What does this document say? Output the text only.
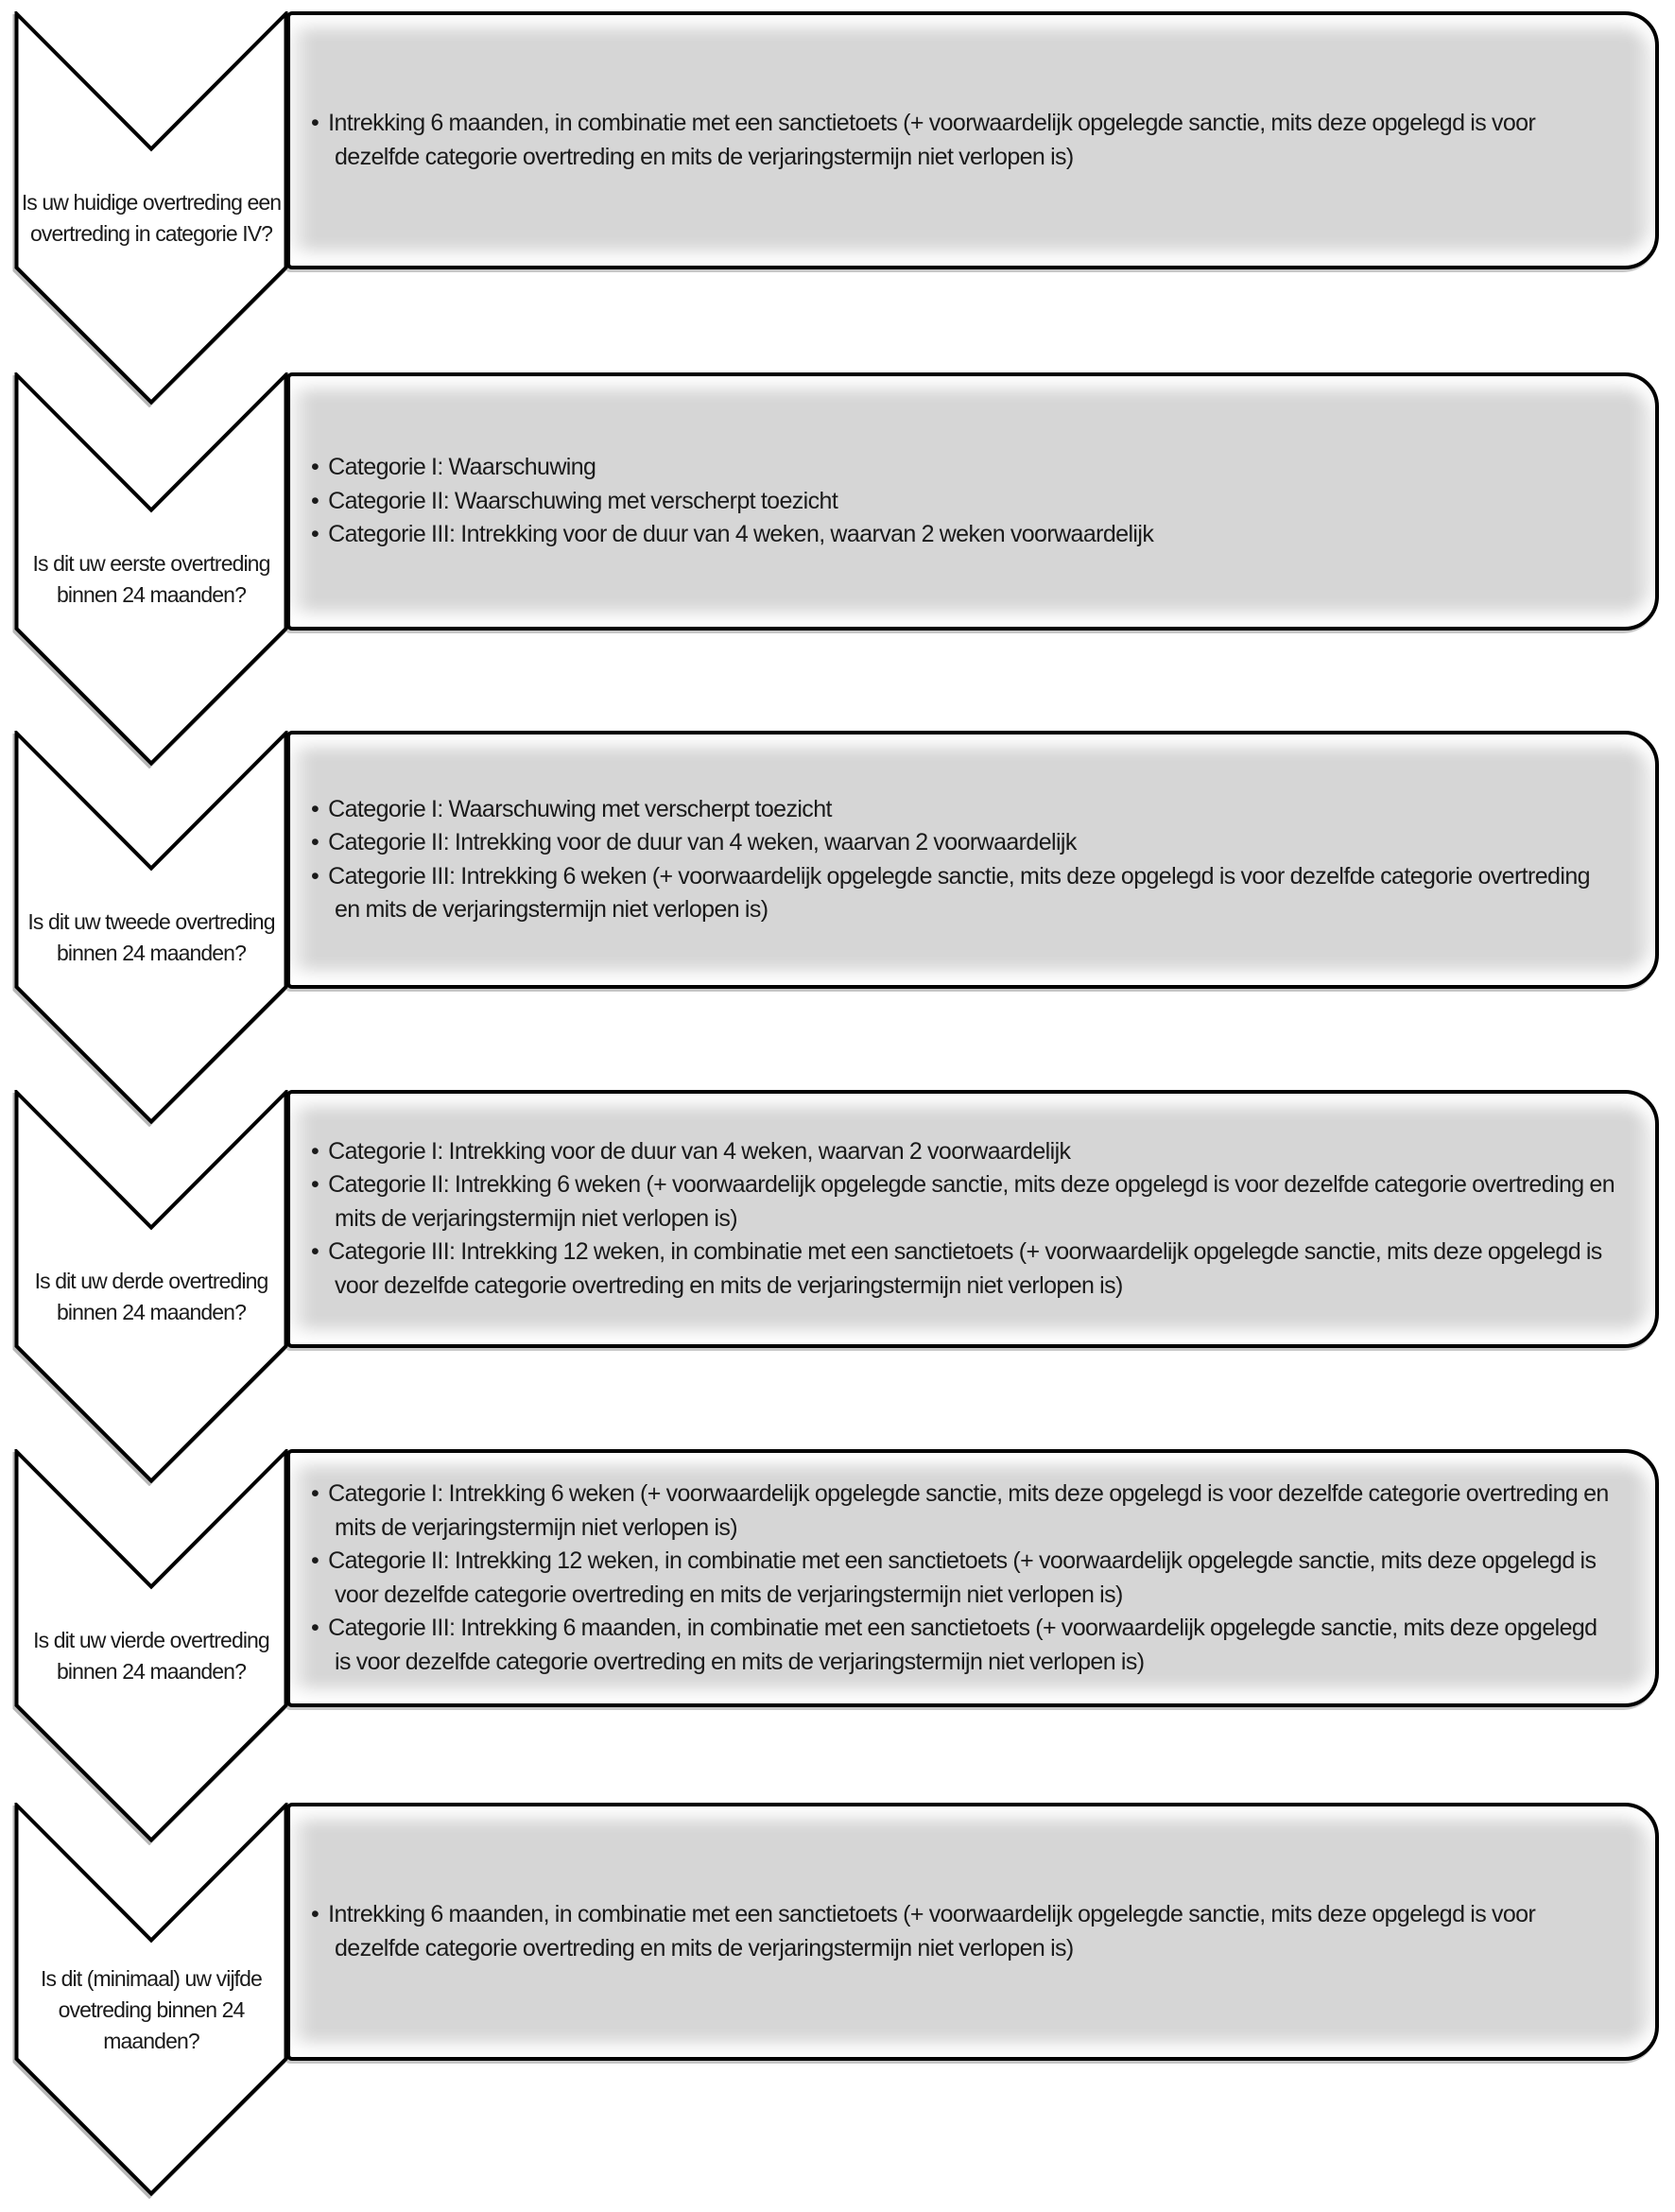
Is uw huidige overtreding een overtreding in categorie IV?
• Intrekking 6 maanden, in combinatie met een sanctietoets (+ voorwaardelijk opgelegde sanctie, mits deze opgelegd is voor dezelfde categorie overtreding en mits de verjaringstermijn niet verlopen is)
Is dit uw eerste overtreding binnen 24 maanden?
• Categorie I: Waarschuwing
• Categorie II: Waarschuwing met verscherpt toezicht
• Categorie III: Intrekking voor de duur van 4 weken, waarvan 2 weken voorwaardelijk
Is dit uw tweede overtreding binnen 24 maanden?
• Categorie I: Waarschuwing met verscherpt toezicht
• Categorie II: Intrekking voor de duur van 4 weken, waarvan 2 voorwaardelijk
• Categorie III: Intrekking 6 weken (+ voorwaardelijk opgelegde sanctie, mits deze opgelegd is voor dezelfde categorie overtreding en mits de verjaringstermijn niet verlopen is)
Is dit uw derde overtreding binnen 24 maanden?
• Categorie I: Intrekking voor de duur van 4 weken, waarvan 2 voorwaardelijk
• Categorie II: Intrekking 6 weken (+ voorwaardelijk opgelegde sanctie, mits deze opgelegd is voor dezelfde categorie overtreding en mits de verjaringstermijn niet verlopen is)
• Categorie III: Intrekking 12 weken, in combinatie met een sanctietoets (+ voorwaardelijk opgelegde sanctie, mits deze opgelegd is voor dezelfde categorie overtreding en mits de verjaringstermijn niet verlopen is)
Is dit uw vierde overtreding binnen 24 maanden?
• Categorie I: Intrekking 6 weken (+ voorwaardelijk opgelegde sanctie, mits deze opgelegd is voor dezelfde categorie overtreding en mits de verjaringstermijn niet verlopen is)
• Categorie II: Intrekking 12 weken, in combinatie met een sanctietoets (+ voorwaardelijk opgelegde sanctie, mits deze opgelegd is voor dezelfde categorie overtreding en mits de verjaringstermijn niet verlopen is)
• Categorie III: Intrekking 6 maanden, in combinatie met een sanctietoets (+ voorwaardelijk opgelegde sanctie, mits deze opgelegd is voor dezelfde categorie overtreding en mits de verjaringstermijn niet verlopen is)
Is dit (minimaal) uw vijfde ovetreding binnen 24 maanden?
• Intrekking 6 maanden, in combinatie met een sanctietoets (+ voorwaardelijk opgelegde sanctie, mits deze opgelegd is voor dezelfde categorie overtreding en mits de verjaringstermijn niet verlopen is)
